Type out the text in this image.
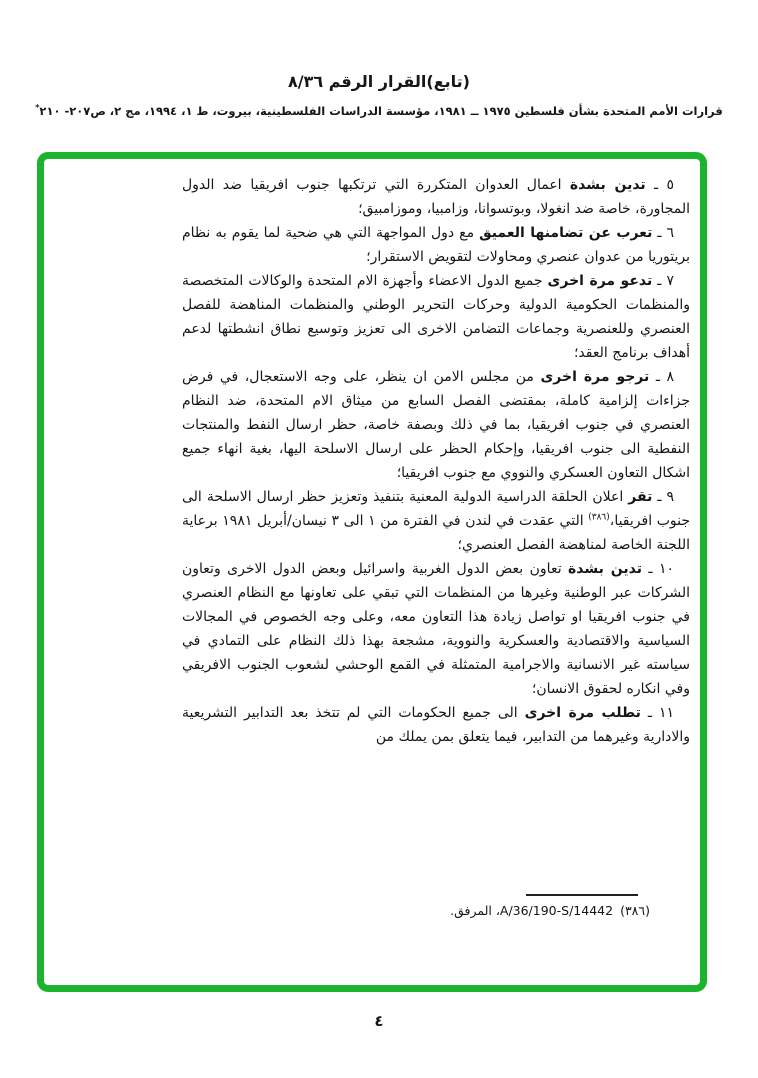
(تابع)القرار الرقم ٨/٣٦
قرارات الأمم المتحدة بشأن فلسطين ١٩٧٥ ــ ١٩٨١، مؤسسة الدراسات الفلسطينية، بيروت، ط ١، ١٩٩٤، مج ٢، ص٢٠٧- ٢١٠*
٥ ـ تدين بشدة اعمال العدوان المتكررة التي ترتكبها جنوب افريقيا ضد الدول المجاورة، خاصة ضد انغولا، وبوتسوانا، وزامبيا، وموزامبيق؛
٦ ـ تعرب عن تضامنها العميق مع دول المواجهة التي هي ضحية لما يقوم به نظام بريتوريا من عدوان عنصري ومحاولات لتقويض الاستقرار؛
٧ ـ تدعو مرة اخرى جميع الدول الاعضاء وأجهزة الام المتحدة والوكالات المتخصصة والمنظمات الحكومية الدولية وحركات التحرير الوطني والمنظمات المناهضة للفصل العنصري وللعنصرية وجماعات التضامن الاخرى الى تعزيز وتوسيع نطاق انشطتها لدعم أهداف برنامج العقد؛
٨ ـ ترجو مرة اخرى من مجلس الامن ان ينظر، على وجه الاستعجال، في فرض جزاءات إلزامية كاملة، بمقتضى الفصل السابع من ميثاق الام المتحدة، ضد النظام العنصري في جنوب افريقيا، بما في ذلك وبصفة خاصة، حظر ارسال النفط والمنتجات النفطية الى جنوب افريقيا، وإحكام الحظر على ارسال الاسلحة اليها، بغية انهاء جميع اشكال التعاون العسكري والنووي مع جنوب افريقيا؛
٩ ـ تقر اعلان الحلقة الدراسية الدولية المعنية بتنفيذ وتعزيز حظر ارسال الاسلحة الى جنوب افريقيا،$^{(٣٨٦)}$ التي عقدت في لندن في الفترة من ١ الى ٣ نيسان/أبريل ١٩٨١ برعاية اللجنة الخاصة لمناهضة الفصل العنصري؛
١٠ ـ تدين بشدة تعاون بعض الدول الغربية واسرائيل وبعض الدول الاخرى وتعاون الشركات عبر الوطنية وغيرها من المنظمات التي تبقي على تعاونها مع النظام العنصري في جنوب افريقيا او تواصل زيادة هذا التعاون معه، وعلى وجه الخصوص في المجالات السياسية والاقتصادية والعسكرية والنووية، مشجعة بهذا ذلك النظام على التمادي في سياسته غير الانسانية والاجرامية المتمثلة في القمع الوحشي لشعوب الجنوب الافريقي وفي انكاره لحقوق الانسان؛
١١ ـ تطلب مرة اخرى الى جميع الحكومات التي لم تتخذ بعد التدابير التشريعية والادارية وغيرهما من التدابير، فيما يتعلق بمن يملك من
(٣٨٦)A/36/190-S/14442، المرفق.
٤
